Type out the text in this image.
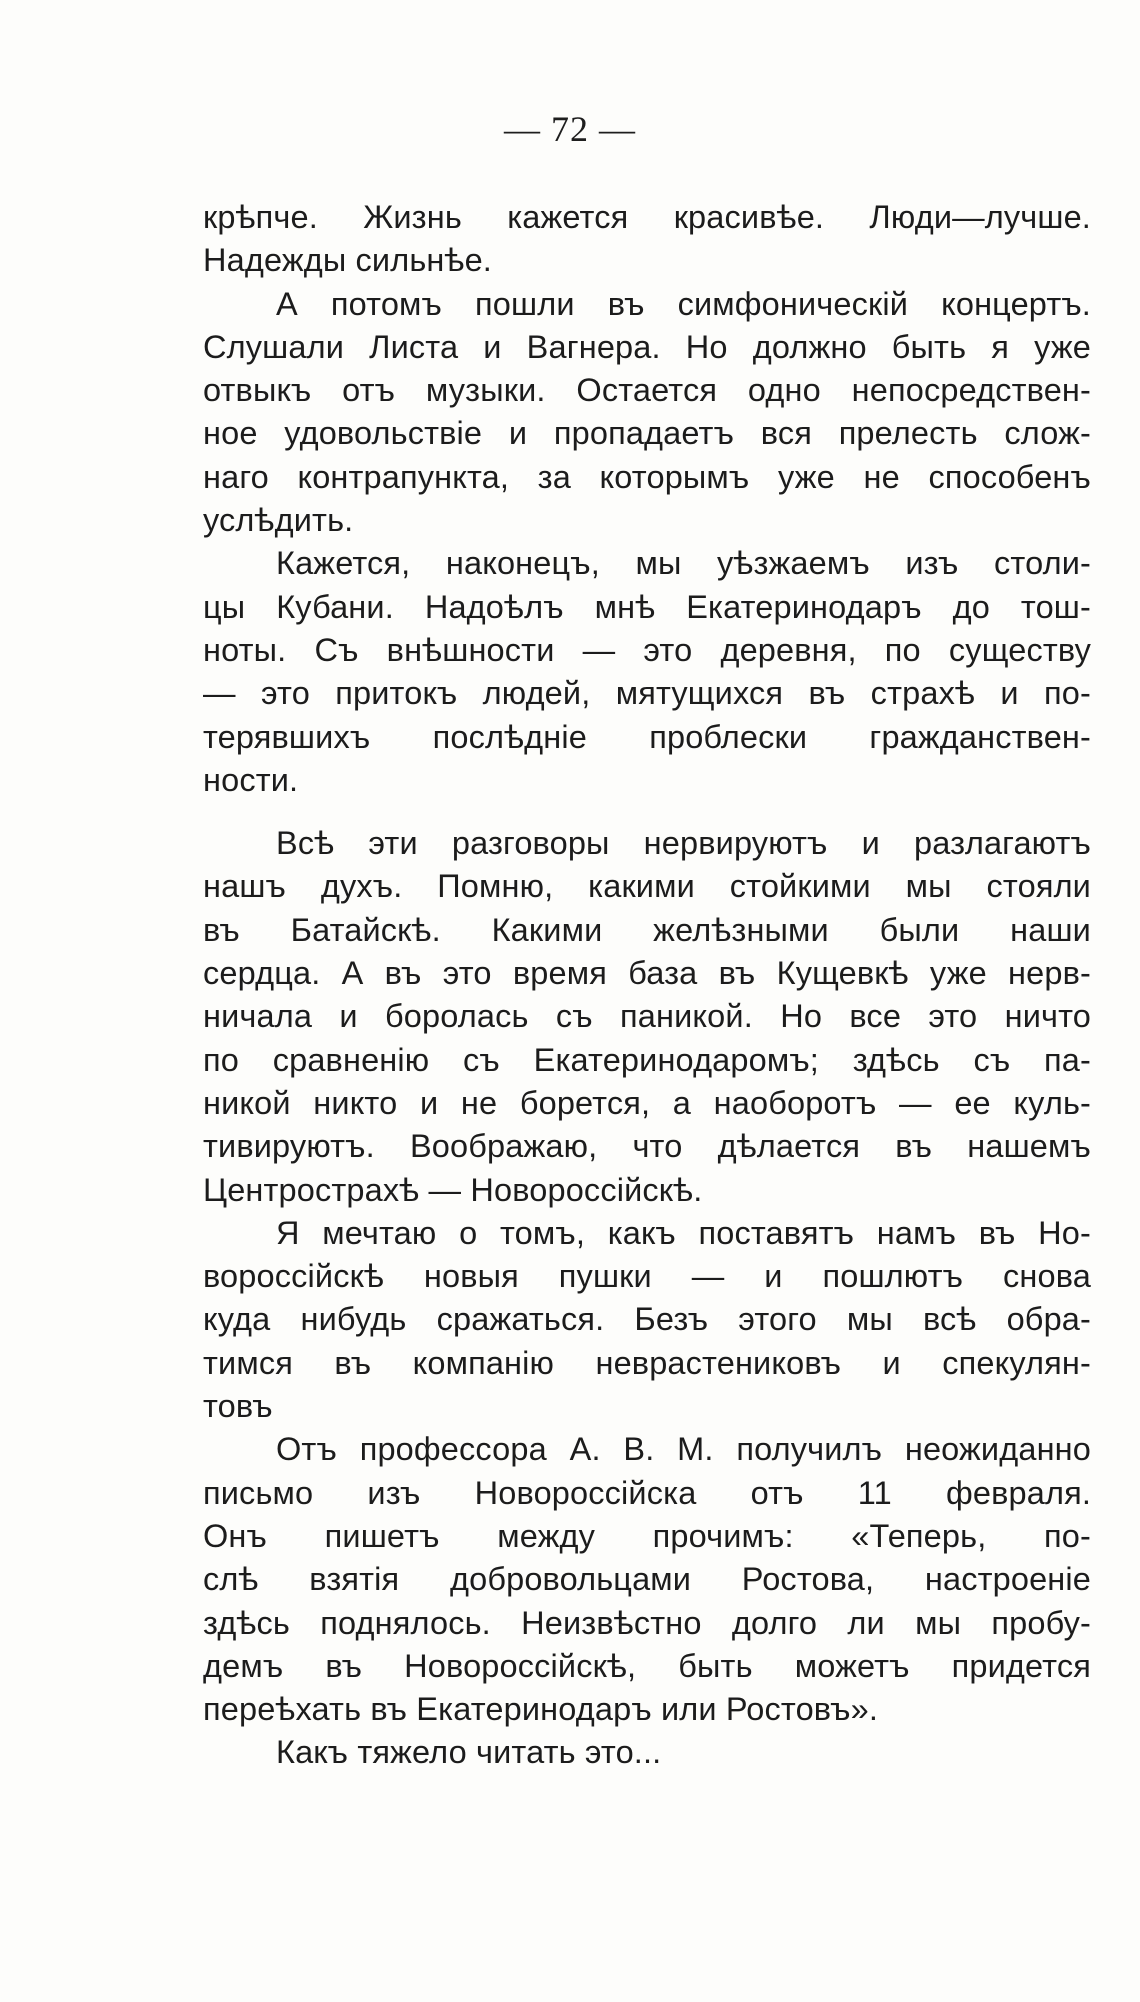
— 72 —
крѣпче. Жизнь кажется красивѣе. Люди—лучше.
Надежды сильнѣе.
А потомъ пошли въ симфоническій концертъ.
Слушали Листа и Вагнера. Но должно быть я уже
отвыкъ отъ музыки. Остается одно непосредствен-
ное удовольствіе и пропадаетъ вся прелесть слож-
наго контрапункта, за которымъ уже не способенъ
услѣдить.
Кажется, наконецъ, мы уѣзжаемъ изъ столи-
цы Кубани. Надоѣлъ мнѣ Екатеринодаръ до тош-
ноты. Съ внѣшности — это деревня, по существу
— это притокъ людей, мятущихся въ страхѣ и по-
терявшихъ послѣдніе проблески гражданствен-
ности.
Всѣ эти разговоры нервируютъ и разлагаютъ
нашъ духъ. Помню, какими стойкими мы стояли
въ Батайскѣ. Какими желѣзными были наши
сердца. А въ это время база въ Кущевкѣ уже нерв-
ничала и боролась съ паникой. Но все это ничто
по сравненію съ Екатеринодаромъ; здѣсь съ па-
никой никто и не борется, а наоборотъ — ее куль-
тивируютъ. Воображаю, что дѣлается въ нашемъ
Центрострахѣ — Новороссійскѣ.
Я мечтаю о томъ, какъ поставятъ намъ въ Но-
вороссійскѣ новыя пушки — и пошлютъ снова
куда нибудь сражаться. Безъ этого мы всѣ обра-
тимся въ компанію неврастениковъ и спекулян-
товъ
Отъ профессора А. В. М. получилъ неожиданно
письмо изъ Новороссійска отъ 11 февраля.
Онъ пишетъ между прочимъ: «Теперь, по-
слѣ взятія добровольцами Ростова, настроеніе
здѣсь поднялось. Неизвѣстно долго ли мы пробу-
демъ въ Новороссійскѣ, быть можетъ придется
переѣхать въ Екатеринодаръ или Ростовъ».
Какъ тяжело читать это...
